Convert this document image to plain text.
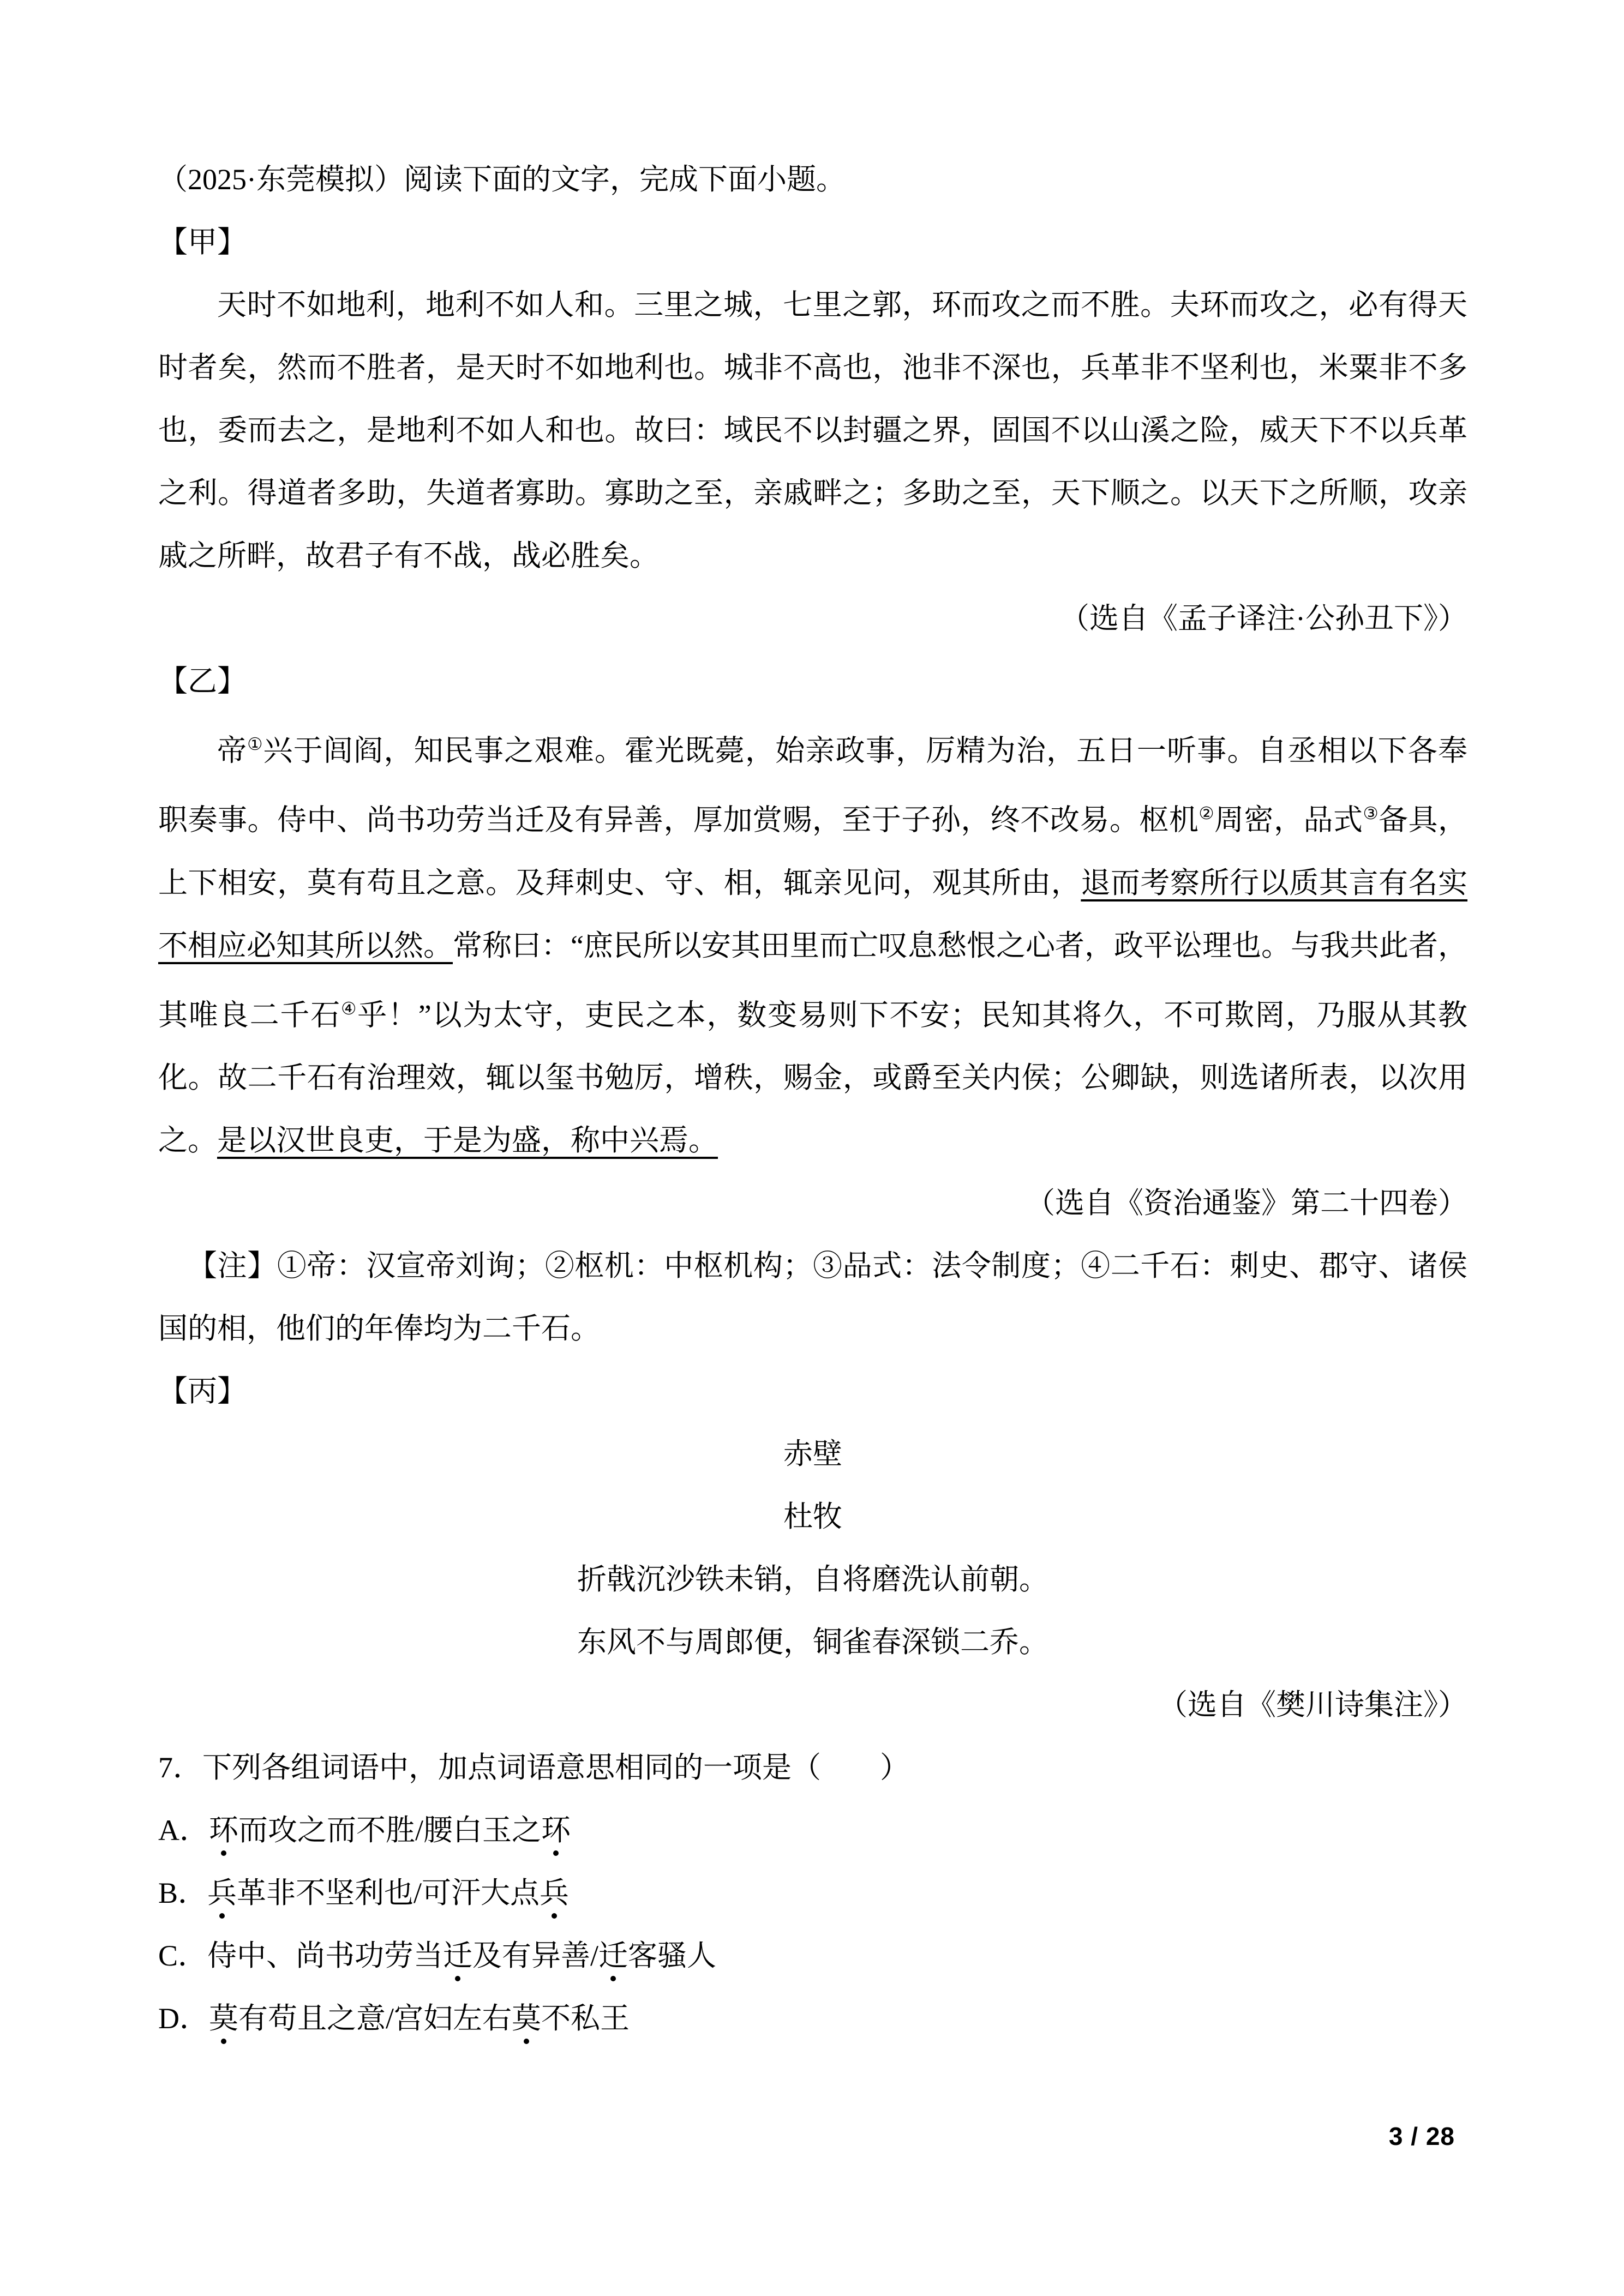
（2025·东莞模拟）阅读下面的文字，完成下面小题。

【甲】

天时不如地利，地利不如人和。三里之城，七里之郭，环而攻之而不胜。夫环而攻之，必有得天时者矣，然而不胜者，是天时不如地利也。城非不高也，池非不深也，兵革非不坚利也，米粟非不多也，委而去之，是地利不如人和也。故曰：域民不以封疆之界，固国不以山溪之险，威天下不以兵革之利。得道者多助，失道者寡助。寡助之至，亲戚畔之；多助之至，天下顺之。以天下之所顺，攻亲戚之所畔，故君子有不战，战必胜矣。

（选自《孟子译注·公孙丑下》）

【乙】

帝①兴于闾阎，知民事之艰难。霍光既薨，始亲政事，厉精为治，五日一听事。自丞相以下各奉职奏事。侍中、尚书功劳当迁及有异善，厚加赏赐，至于子孙，终不改易。枢机②周密，品式③备具，上下相安，莫有苟且之意。及拜刺史、守、相，辄亲见问，观其所由，退而考察所行以质其言有名实不相应必知其所以然。常称曰：“庶民所以安其田里而亡叹息愁恨之心者，政平讼理也。与我共此者，其唯良二千石④乎！”以为太守，吏民之本，数变易则下不安；民知其将久，不可欺罔，乃服从其教化。故二千石有治理效，辄以玺书勉厉，增秩，赐金，或爵至关内侯；公卿缺，则选诸所表，以次用之。是以汉世良吏，于是为盛，称中兴焉。

（选自《资治通鉴》第二十四卷）

【注】①帝：汉宣帝刘询；②枢机：中枢机构；③品式：法令制度；④二千石：刺史、郡守、诸侯国的相，他们的年俸均为二千石。

【丙】

赤壁

杜牧

折戟沉沙铁未销，自将磨洗认前朝。

东风不与周郎便，铜雀春深锁二乔。

（选自《樊川诗集注》）

7．下列各组词语中，加点词语意思相同的一项是（　　）

A．环而攻之而不胜/腰白玉之环

B．兵革非不坚利也/可汗大点兵

C．侍中、尚书功劳当迁及有异善/迁客骚人

D．莫有苟且之意/宫妇左右莫不私王

3 / 28
